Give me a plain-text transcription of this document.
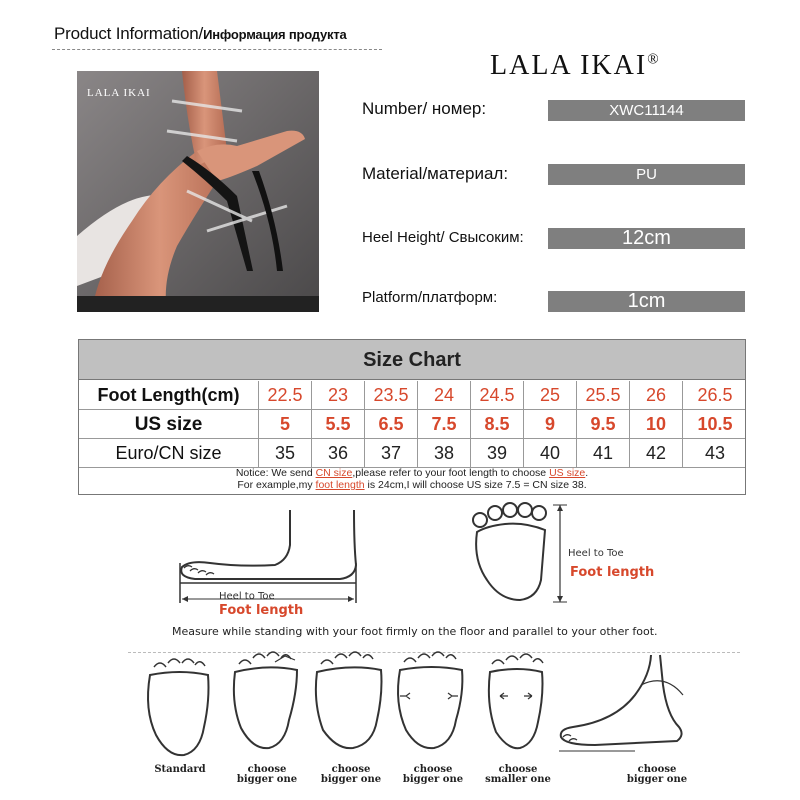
Product Information/Информация продукта
LALA IKAI®
LALA IKAI
Number/ номер:	XWC11144
Material/материал:	PU
Heel Height/ Свысоким:	12cm
Platform/платформ:	1cm
Size Chart
Foot Length(cm)	22.5	23	23.5	24	24.5	25	25.5	26	26.5
US size	5	5.5	6.5	7.5	8.5	9	9.5	10	10.5
Euro/CN size	35	36	37	38	39	40	41	42	43
Notice: We send CN size,please refer to your foot length to choose US size.
For example,my foot length is 24cm,I will choose US size 7.5 = CN size 38.
Heel to Toe
Foot length
Heel to Toe
Foot length
Measure while standing with your foot firmly on the floor and parallel to your other foot.
Standard	choose
bigger one
choose
bigger one
choose
bigger one
choose
smaller one
choose
bigger one
